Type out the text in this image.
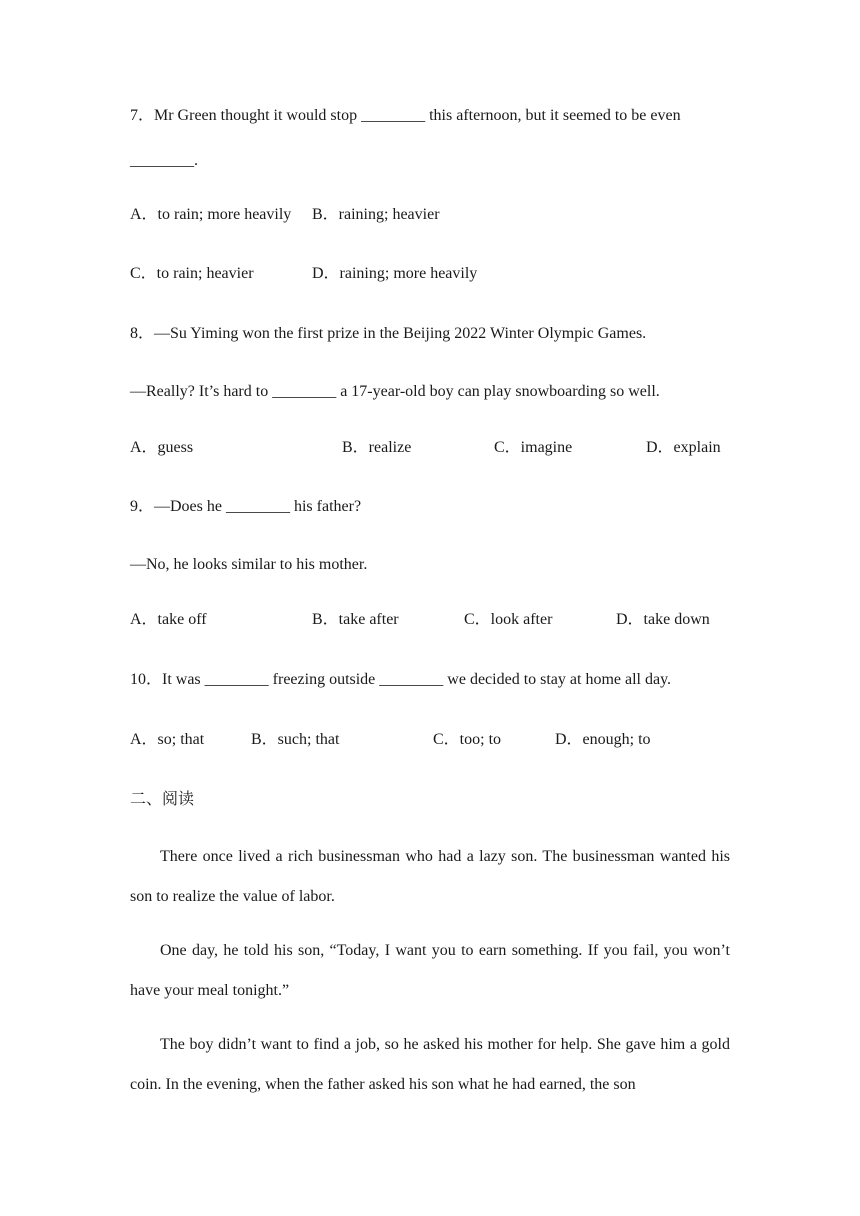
7．Mr Green thought it would stop ________ this afternoon, but it seemed to be even
________.
A．to rain; more heavily B．raining; heavier
C．to rain; heavier	D．raining; more heavily
8．—Su Yiming won the first prize in the Beijing 2022 Winter Olympic Games.
—Really? It’s hard to ________ a 17-year-old boy can play snowboarding so well.
A．guess	B．realize	C．imagine	D．explain
9．—Does he ________ his father?
—No, he looks similar to his mother.
A．take off	B．take after	C．look after	D．take down
10．It was ________ freezing outside ________ we decided to stay at home all day.
A．so; that	B．such; that	C．too; to	D．enough; to
二、阅读
There once lived a rich businessman who had a lazy son. The businessman wanted his son to realize the value of labor.
One day, he told his son, “Today, I want you to earn something. If you fail, you won’t have your meal tonight.”
The boy didn’t want to find a job, so he asked his mother for help. She gave him a gold coin. In the evening, when the father asked his son what he had earned, the son
